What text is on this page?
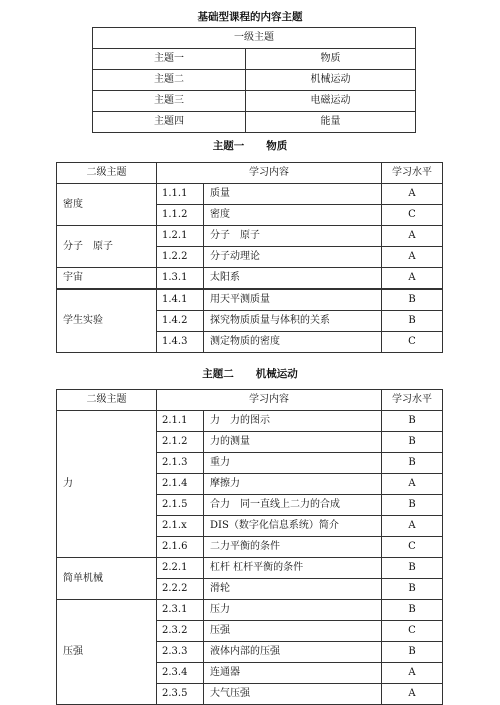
基础型课程的内容主题
一级主题	
主题一	物质
主题二	机械运动
主题三	电磁运动
主题四	能量
主题一 物质
二级主题	学习内容		学习水平
密度	1.1.1	质量	A
	1.1.2	密度	C
分子　原子	1.2.1	分子　原子	A
	1.2.2	分子动理论	A
宇宙	1.3.1	太阳系	A
学生实验	1.4.1	用天平测质量	B
	1.4.2	探究物质质量与体积的关系	B
	1.4.3	测定物质的密度	C
主题二 机械运动
二级主题	学习内容		学习水平
力	2.1.1	力　力的图示	B
	2.1.2	力的测量	B
	2.1.3	重力	B
	2.1.4	摩擦力	A
	2.1.5	合力　同一直线上二力的合成	B
	2.1.x	DIS（数字化信息系统）简介	A
	2.1.6	二力平衡的条件	C
简单机械	2.2.1	杠杆 杠杆平衡的条件	B
	2.2.2	滑轮	B
压强	2.3.1	压力	B
	2.3.2	压强	C
	2.3.3	液体内部的压强	B
	2.3.4	连通器	A
	2.3.5	大气压强	A
